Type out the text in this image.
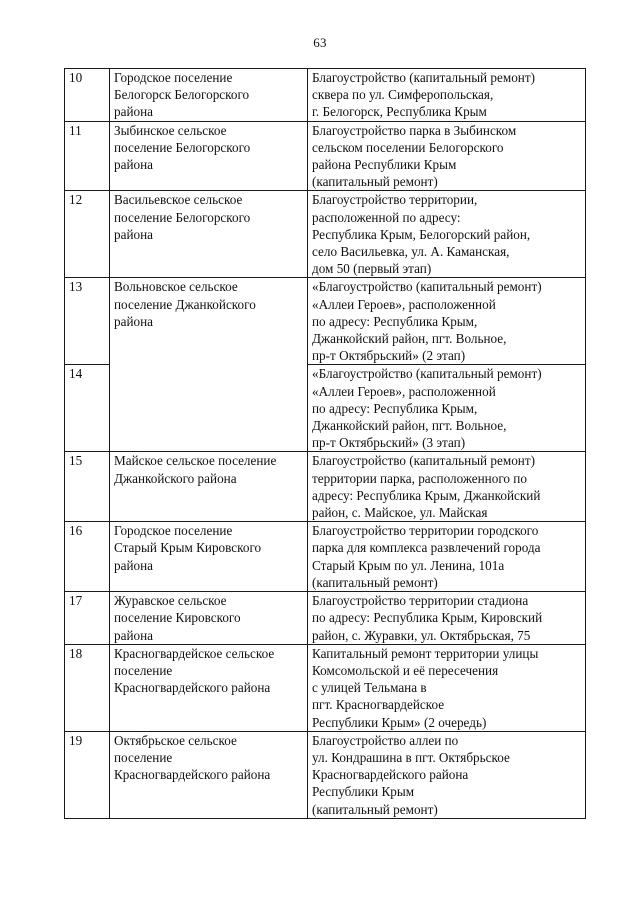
63
10	Городское поселение
Белогорск Белогорского
района	Благоустройство (капитальный ремонт)
сквера по ул. Симферопольская,
г. Белогорск, Республика Крым
11	Зыбинское сельское
поселение Белогорского
района	Благоустройство парка в Зыбинском
сельском поселении Белогорского
района Республики Крым
(капитальный ремонт)
12	Васильевское сельское
поселение Белогорского
района	Благоустройство территории,
расположенной по адресу:
Республика Крым, Белогорский район,
село Васильевка, ул. А. Каманская,
дом 50 (первый этап)
13	Вольновское сельское
поселение Джанкойского
района	«Благоустройство (капитальный ремонт)
«Аллеи Героев», расположенной
по адресу: Республика Крым,
Джанкойский район, пгт. Вольное,
пр-т Октябрьский» (2 этап)
14		«Благоустройство (капитальный ремонт)
«Аллеи Героев», расположенной
по адресу: Республика Крым,
Джанкойский район, пгт. Вольное,
пр-т Октябрьский» (3 этап)
15	Майское сельское поселение
Джанкойского района	Благоустройство (капитальный ремонт)
территории парка, расположенного по
адресу: Республика Крым, Джанкойский
район, с. Майское, ул. Майская
16	Городское поселение
Старый Крым Кировского
района	Благоустройство территории городского
парка для комплекса развлечений города
Старый Крым по ул. Ленина, 101а
(капитальный ремонт)
17	Журавское сельское
поселение Кировского
района	Благоустройство территории стадиона
по адресу: Республика Крым, Кировский
район, с. Журавки, ул. Октябрьская, 75
18	Красногвардейское сельское
поселение
Красногвардейского района	Капитальный ремонт территории улицы
Комсомольской и её пересечения
с улицей Тельмана в
пгт. Красногвардейское
Республики Крым» (2 очередь)
19	Октябрьское сельское
поселение
Красногвардейского района	Благоустройство аллеи по
ул. Кондрашина в пгт. Октябрьское
Красногвардейского района
Республики Крым
(капитальный ремонт)
